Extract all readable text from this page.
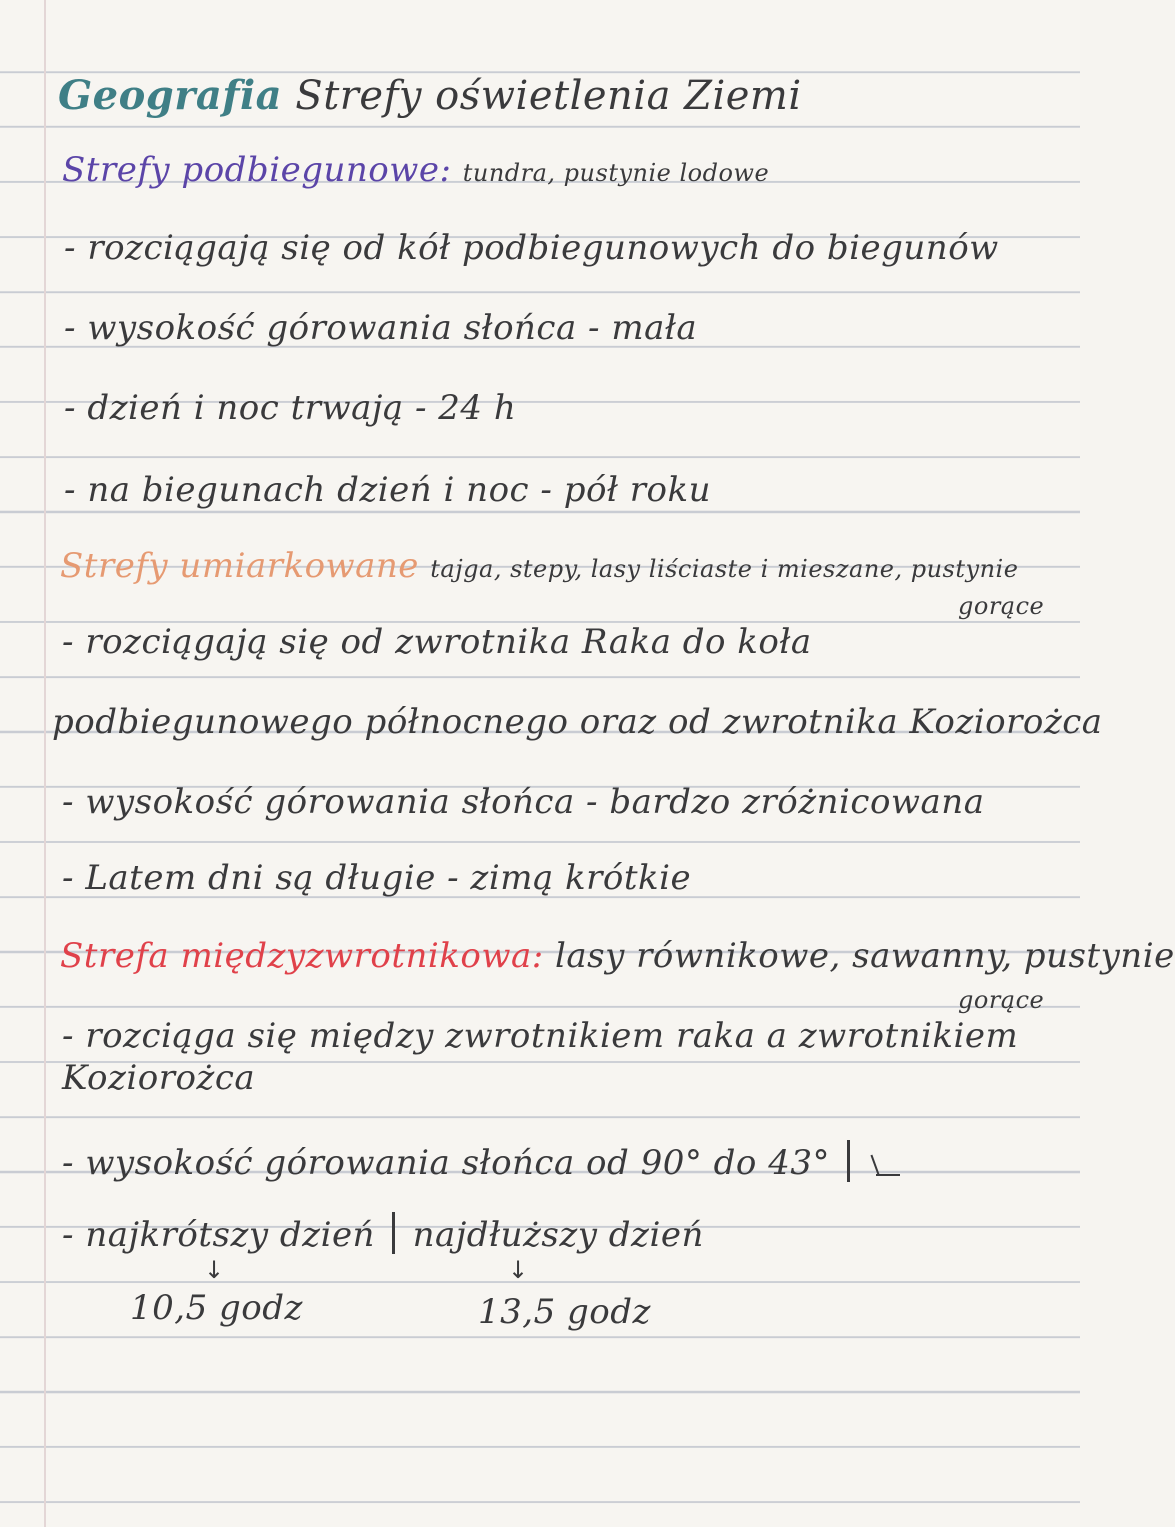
Geografia Strefy oświetlenia Ziemi
Strefy podbiegunowe: tundra, pustynie lodowe
- rozciągają się od kół podbiegunowych do biegunów
- wysokość górowania słońca - mała
- dzień i noc trwają - 24 h
- na biegunach dzień i noc - pół roku
Strefy umiarkowane tajga, stepy, lasy liściaste i mieszane, pustynie
gorące
- rozciągają się od zwrotnika Raka do koła
podbiegunowego północnego oraz od zwrotnika Koziorożca
- wysokość górowania słońca - bardzo zróżnicowana
- Latem dni są długie - zimą krótkie
Strefa międzyzwrotnikowa: lasy równikowe, sawanny, pustynie
gorące
- rozciąga się między zwrotnikiem raka a zwrotnikiem
Koziorożca
- wysokość górowania słońca od 90° do 43°
- najkrótszy dzień najdłuższy dzień
↓	↓
10,5 godz	13,5 godz
